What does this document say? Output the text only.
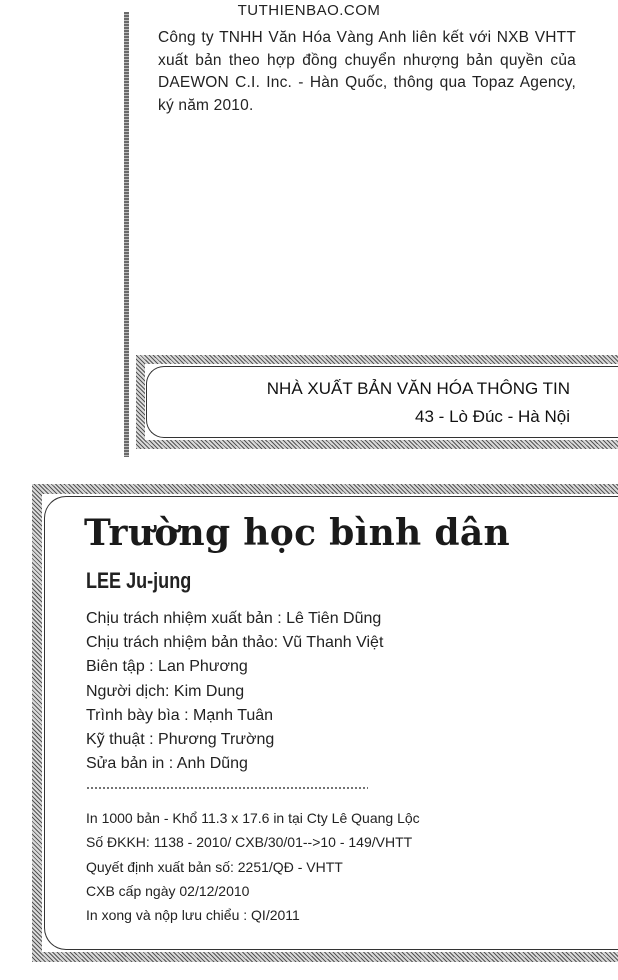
TUTHIENBAO.COM
Công ty TNHH Văn Hóa Vàng Anh liên kết với NXB VHTT xuất bản theo hợp đồng chuyển nhượng bản quyền của DAEWON C.I. Inc. - Hàn Quốc, thông qua Topaz Agency, ký năm 2010.
NHÀ XUẤT BẢN VĂN HÓA THÔNG TIN
43 - Lò Đúc - Hà Nội
Trường học bình dân
LEE Ju-jung
Chịu trách nhiệm xuất bản : Lê Tiên Dũng
Chịu trách nhiệm bản thảo: Vũ Thanh Việt
Biên tập : Lan Phương
Người dịch: Kim Dung
Trình bày bìa : Mạnh Tuân
Kỹ thuật : Phương Trường
Sửa bản in : Anh Dũng
In 1000 bản - Khổ 11.3 x 17.6 in tại Cty Lê Quang Lộc
Số ĐKKH: 1138 - 2010/ CXB/30/01-->10 - 149/VHTT
Quyết định xuất bản số: 2251/QĐ - VHTT
CXB cấp ngày 02/12/2010
In xong và nộp lưu chiểu : QI/2011
